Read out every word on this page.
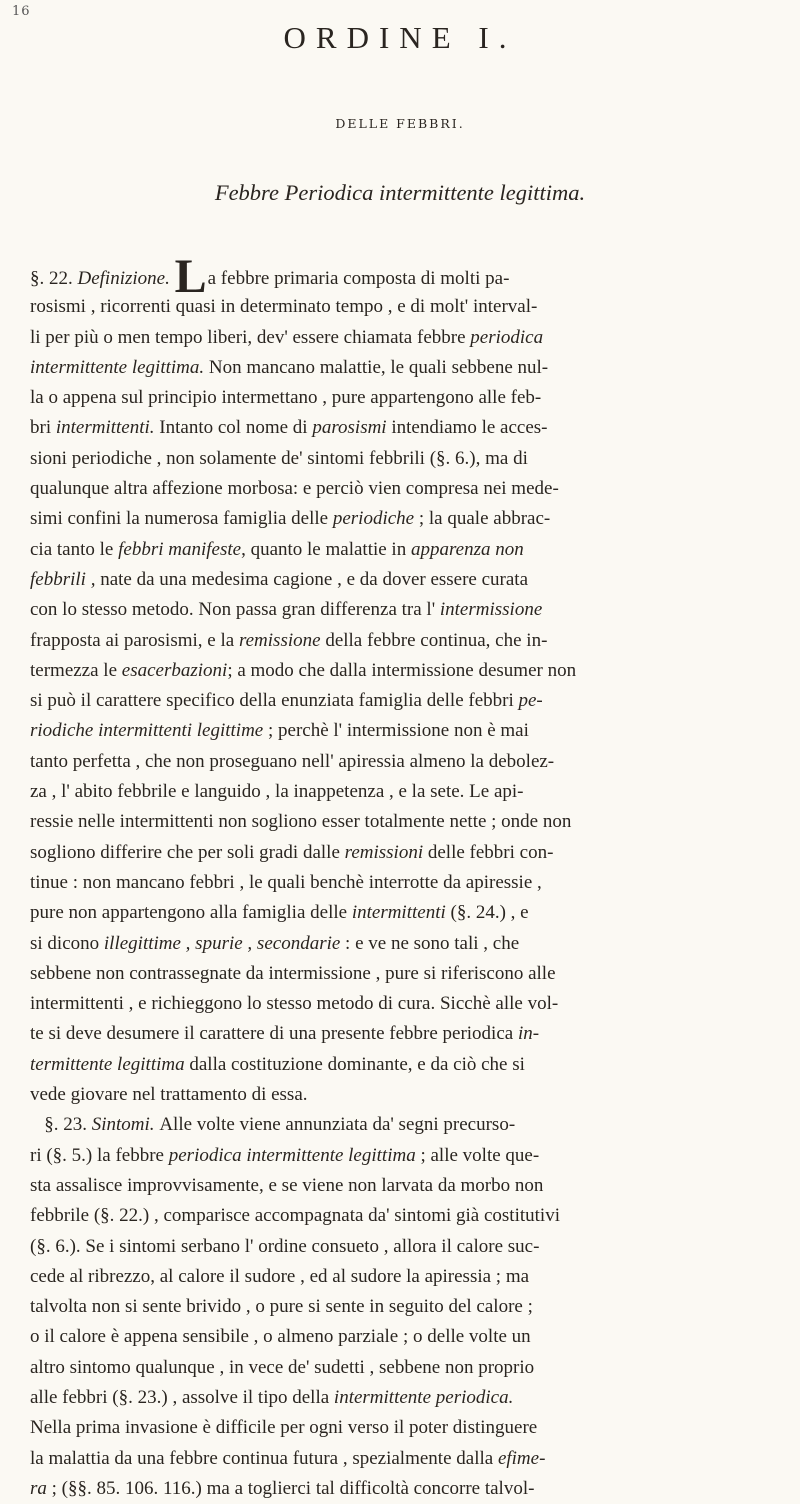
16
ORDINE I.
DELLE FEBBRI.
Febbre Periodica intermittente legittima.
§. 22. Definizione. La febbre primaria composta di molti pa-
rosismi , ricorrenti quasi in determinato tempo , e di molt' interval-
li per più o men tempo liberi, dev' essere chiamata febbre periodica
intermittente legittima. Non mancano malattie, le quali sebbene nul-
la o appena sul principio intermettano , pure appartengono alle feb-
bri intermittenti. Intanto col nome di parosismi intendiamo le acces-
sioni periodiche , non solamente de' sintomi febbrili (§. 6.), ma di
qualunque altra affezione morbosa: e perciò vien compresa nei mede-
simi confini la numerosa famiglia delle periodiche ; la quale abbrac-
cia tanto le febbri manifeste, quanto le malattie in apparenza non
febbrili , nate da una medesima cagione , e da dover essere curata
con lo stesso metodo. Non passa gran differenza tra l' intermissione
frapposta ai parosismi, e la remissione della febbre continua, che in-
termezza le esacerbazioni; a modo che dalla intermissione desumer non
si può il carattere specifico della enunziata famiglia delle febbri pe-
riodiche intermittenti legittime ; perchè l' intermissione non è mai
tanto perfetta , che non proseguano nell' apiressia almeno la debolez-
za , l' abito febbrile e languido , la inappetenza , e la sete. Le api-
ressie nelle intermittenti non sogliono esser totalmente nette ; onde non
sogliono differire che per soli gradi dalle remissioni delle febbri con-
tinue : non mancano febbri , le quali benchè interrotte da apiressie ,
pure non appartengono alla famiglia delle intermittenti (§. 24.) , e
si dicono illegittime , spurie , secondarie : e ve ne sono tali , che
sebbene non contrassegnate da intermissione , pure si riferiscono alle
intermittenti , e richieggono lo stesso metodo di cura. Sicchè alle vol-
te si deve desumere il carattere di una presente febbre periodica in-
termittente legittima dalla costituzione dominante, e da ciò che si
vede giovare nel trattamento di essa.
§. 23. Sintomi. Alle volte viene annunziata da' segni precurso-
ri (§. 5.) la febbre periodica intermittente legittima ; alle volte que-
sta assalisce improvvisamente, e se viene non larvata da morbo non
febbrile (§. 22.) , comparisce accompagnata da' sintomi già costitutivi
(§. 6.). Se i sintomi serbano l' ordine consueto , allora il calore suc-
cede al ribrezzo, al calore il sudore , ed al sudore la apiressia ; ma
talvolta non si sente brivido , o pure si sente in seguito del calore ;
o il calore è appena sensibile , o almeno parziale ; o delle volte un
altro sintomo qualunque , in vece de' sudetti , sebbene non proprio
alle febbri (§. 23.) , assolve il tipo della intermittente periodica.
Nella prima invasione è difficile per ogni verso il poter distinguere
la malattia da una febbre continua futura , spezialmente dalla efime-
ra ; (§§. 85. 106. 116.) ma a toglierci tal difficoltà concorre talvol-
